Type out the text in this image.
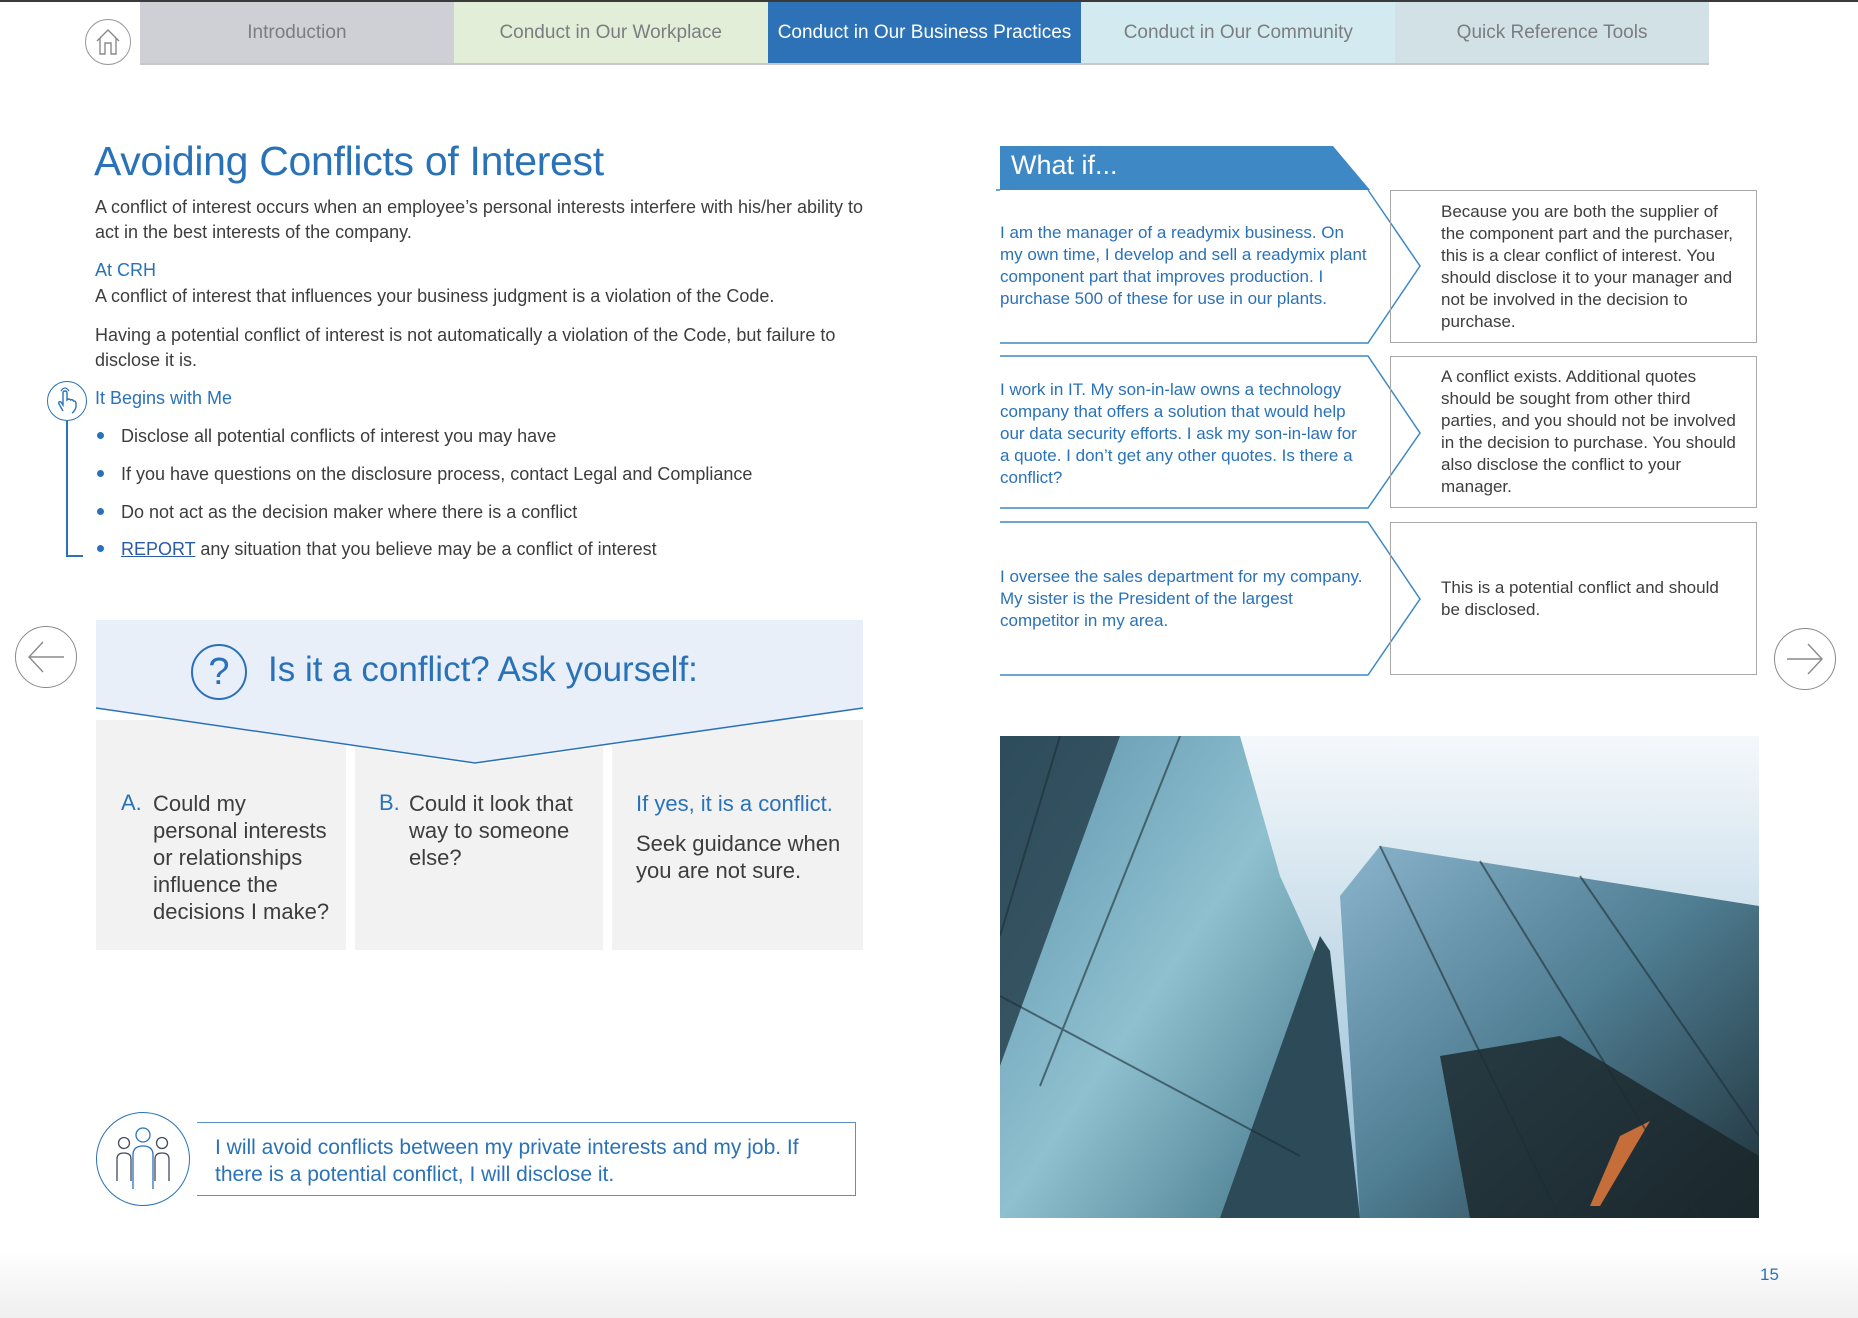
Introduction	Conduct in Our Workplace	Conduct in Our Business Practices	Conduct in Our Community	Quick Reference Tools
Avoiding Conflicts of Interest
A conflict of interest occurs when an employee’s personal interests interfere with his/her ability to act in the best interests of the company.
At CRH
A conflict of interest that influences your business judgment is a violation of the Code.
Having a potential conflict of interest is not automatically a violation of the Code, but failure to disclose it is.
It Begins with Me
Disclose all potential conflicts of interest you may have
If you have questions on the disclosure process, contact Legal and Compliance
Do not act as the decision maker where there is a conflict
REPORT any situation that you believe may be a conflict of interest
?	Is it a conflict? Ask yourself:
A. Could my personal interests or relationships influence the decisions I make?
B. Could it look that way to someone else?
If yes, it is a conflict.
Seek guidance when you are not sure.
I will avoid conflicts between my private interests and my job. If there is a potential conflict, I will disclose it.
What if...
I am the manager of a readymix business. On my own time, I develop and sell a readymix plant component part that improves production. I purchase 500 of these for use in our plants.
Because you are both the supplier of the component part and the purchaser, this is a clear conflict of interest. You should disclose it to your manager and not be involved in the decision to purchase.
I work in IT. My son-in-law owns a technology company that offers a solution that would help our data security efforts. I ask my son-in-law for a quote. I don’t get any other quotes. Is there a conflict?
A conflict exists. Additional quotes should be sought from other third parties, and you should not be involved in the decision to purchase. You should also disclose the conflict to your manager.
I oversee the sales department for my company. My sister is the President of the largest competitor in my area.
This is a potential conflict and should be disclosed.
15
